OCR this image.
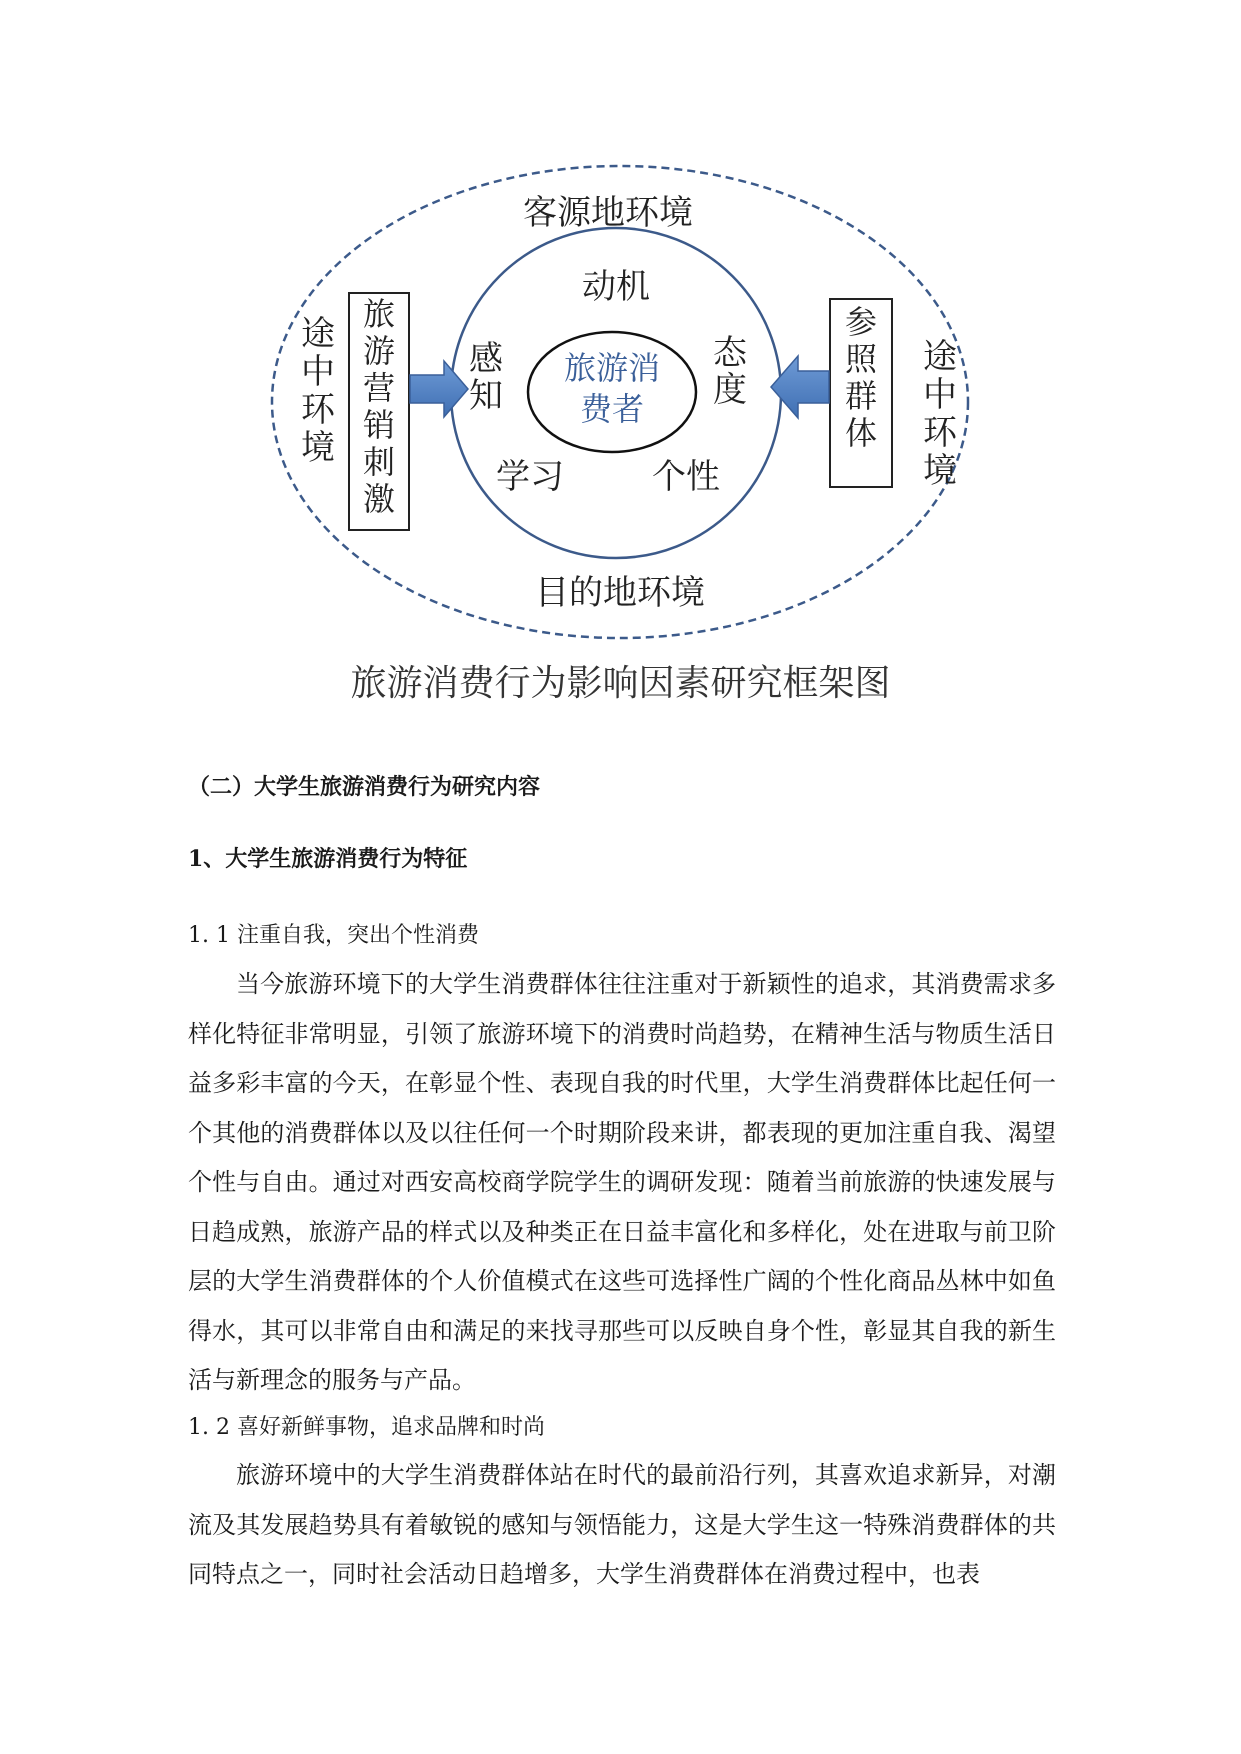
客源地环境
目的地环境
途中环境
途中环境
旅游营销刺激
参照群体
动机
感知
态度
学习	个性
旅游消
费者
旅游消费行为影响因素研究框架图
（二）大学生旅游消费行为研究内容
1、大学生旅游消费行为特征
1. 1 注重自我，突出个性消费
当今旅游环境下的大学生消费群体往往注重对于新颖性的追求，其消费需求多样化特征非常明显，引领了旅游环境下的消费时尚趋势，在精神生活与物质生活日益多彩丰富的今天，在彰显个性、表现自我的时代里，大学生消费群体比起任何一个其他的消费群体以及以往任何一个时期阶段来讲，都表现的更加注重自我、渴望个性与自由。通过对西安高校商学院学生的调研发现：随着当前旅游的快速发展与日趋成熟，旅游产品的样式以及种类正在日益丰富化和多样化，处在进取与前卫阶层的大学生消费群体的个人价值模式在这些可选择性广阔的个性化商品丛林中如鱼得水，其可以非常自由和满足的来找寻那些可以反映自身个性，彰显其自我的新生活与新理念的服务与产品。
1. 2 喜好新鲜事物，追求品牌和时尚
旅游环境中的大学生消费群体站在时代的最前沿行列，其喜欢追求新异，对潮流及其发展趋势具有着敏锐的感知与领悟能力，这是大学生这一特殊消费群体的共同特点之一，同时社会活动日趋增多，大学生消费群体在消费过程中，也表
